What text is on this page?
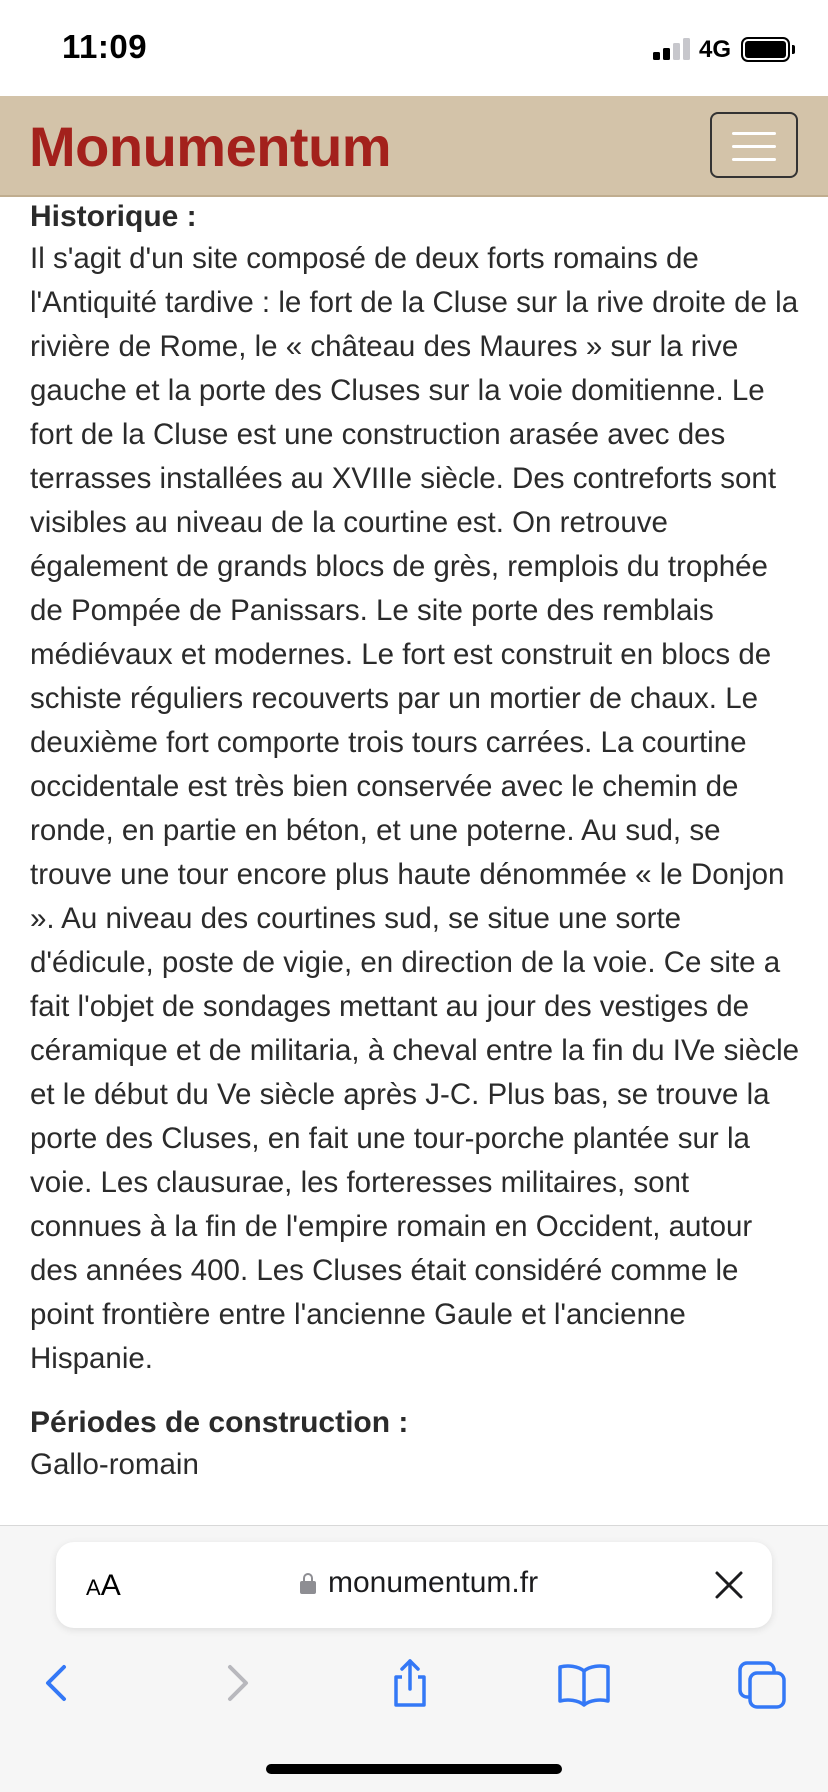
11:09	4G
Monumentum
Historique :

Il s'agit d'un site composé de deux forts romains de l'Antiquité tardive : le fort de la Cluse sur la rive droite de la rivière de Rome, le « château des Maures » sur la rive gauche et la porte des Cluses sur la voie domitienne. Le fort de la Cluse est une construction arasée avec des terrasses installées au XVIIIe siècle. Des contreforts sont visibles au niveau de la courtine est. On retrouve également de grands blocs de grès, remplois du trophée de Pompée de Panissars. Le site porte des remblais médiévaux et modernes. Le fort est construit en blocs de schiste réguliers recouverts par un mortier de chaux. Le deuxième fort comporte trois tours carrées. La courtine occidentale est très bien conservée avec le chemin de ronde, en partie en béton, et une poterne. Au sud, se trouve une tour encore plus haute dénommée « le Donjon ». Au niveau des courtines sud, se situe une sorte d'édicule, poste de vigie, en direction de la voie. Ce site a fait l'objet de sondages mettant au jour des vestiges de céramique et de militaria, à cheval entre la fin du IVe siècle et le début du Ve siècle après J-C. Plus bas, se trouve la porte des Cluses, en fait une tour-porche plantée sur la voie. Les clausurae, les forteresses militaires, sont connues à la fin de l'empire romain en Occident, autour des années 400. Les Cluses était considéré comme le point frontière entre l'ancienne Gaule et l'ancienne Hispanie.

Périodes de construction :

Gallo-romain

AA	monumentum.fr
